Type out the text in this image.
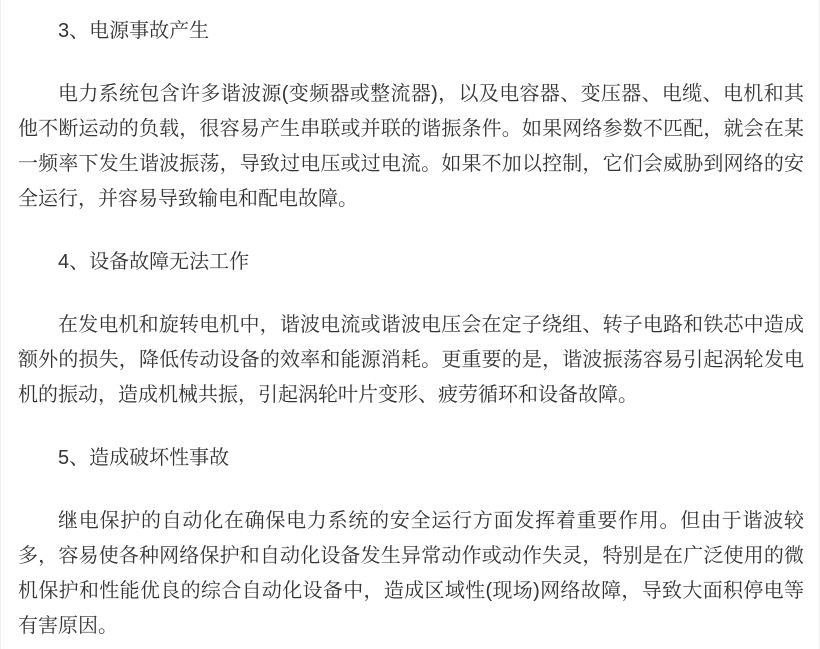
3、电源事故产生

电力系统包含许多谐波源(变频器或整流器)，以及电容器、变压器、电缆、电机和其他不断运动的负载，很容易产生串联或并联的谐振条件。如果网络参数不匹配，就会在某一频率下发生谐波振荡，导致过电压或过电流。如果不加以控制，它们会威胁到网络的安全运行，并容易导致输电和配电故障。

4、设备故障无法工作

在发电机和旋转电机中，谐波电流或谐波电压会在定子绕组、转子电路和铁芯中造成额外的损失，降低传动设备的效率和能源消耗。更重要的是，谐波振荡容易引起涡轮发电机的振动，造成机械共振，引起涡轮叶片变形、疲劳循环和设备故障。

5、造成破坏性事故

继电保护的自动化在确保电力系统的安全运行方面发挥着重要作用。但由于谐波较多，容易使各种网络保护和自动化设备发生异常动作或动作失灵，特别是在广泛使用的微机保护和性能优良的综合自动化设备中，造成区域性(现场)网络故障，导致大面积停电等有害原因。
